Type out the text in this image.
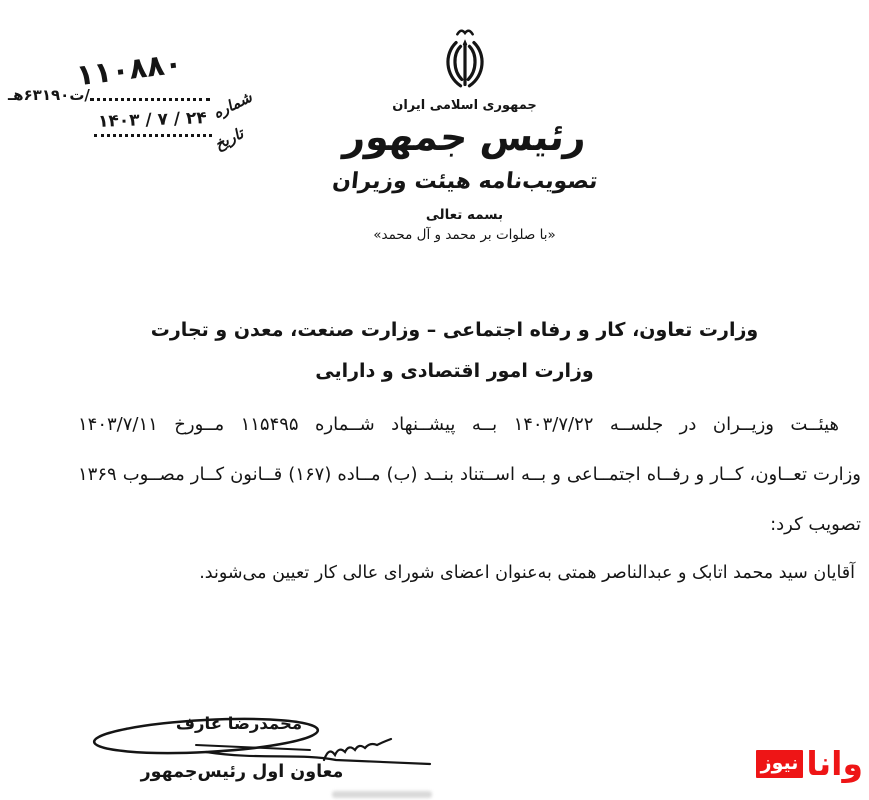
۱۱۰۸۸۰
شماره
/ت۶۳۱۹۰هـ
تاریخ
۱۴۰۳ / ۷ / ۲۴
جمهوری اسلامی ایران
رئیس جمهور
تصویب‌نامه هیئت وزیران
بسمه تعالی
«با صلوات بر محمد و آل محمد»
وزارت تعاون، کار و رفاه اجتماعی – وزارت صنعت، معدن و تجارت
وزارت امور اقتصادی و دارایی
هیئــت وزیــران در جلســه ۱۴۰۳/۷/۲۲ بــه پیشــنهاد شــماره ۱۱۵۴۹۵ مــورخ ۱۴۰۳/۷/۱۱
وزارت تعــاون، کــار و رفــاه اجتمــاعی و بــه اســتناد بنــد (ب) مــاده (۱۶۷) قــانون کــار مصــوب ۱۳۶۹
تصویب کرد:
آقایان سید محمد اتابک و عبدالناصر همتی به‌عنوان اعضای شورای عالی کار تعیین می‌شوند.
محمدرضا عارف
معاون اول رئیس‌جمهور	وانا
نیوز
